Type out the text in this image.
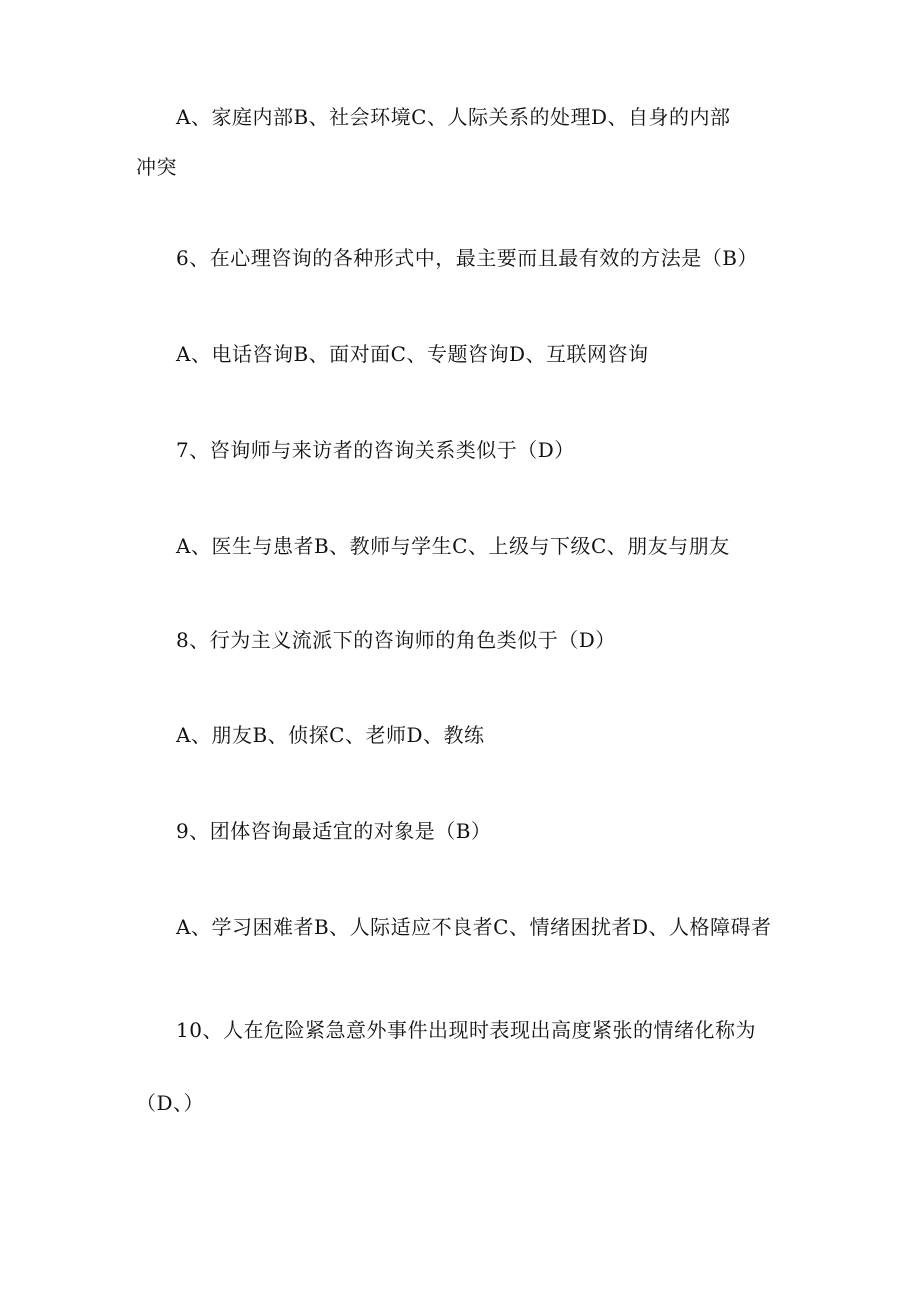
A、家庭内部B、社会环境C、人际关系的处理D、自身的内部
冲突
6、在心理咨询的各种形式中，最主要而且最有效的方法是（B）
A、电话咨询B、面对面C、专题咨询D、互联网咨询
7、咨询师与来访者的咨询关系类似于（D）
A、医生与患者B、教师与学生C、上级与下级C、朋友与朋友
8、行为主义流派下的咨询师的角色类似于（D）
A、朋友B、侦探C、老师D、教练
9、团体咨询最适宜的对象是（B）
A、学习困难者B、人际适应不良者C、情绪困扰者D、人格障碍者
10、人在危险紧急意外事件出现时表现出高度紧张的情绪化称为
（D、）
